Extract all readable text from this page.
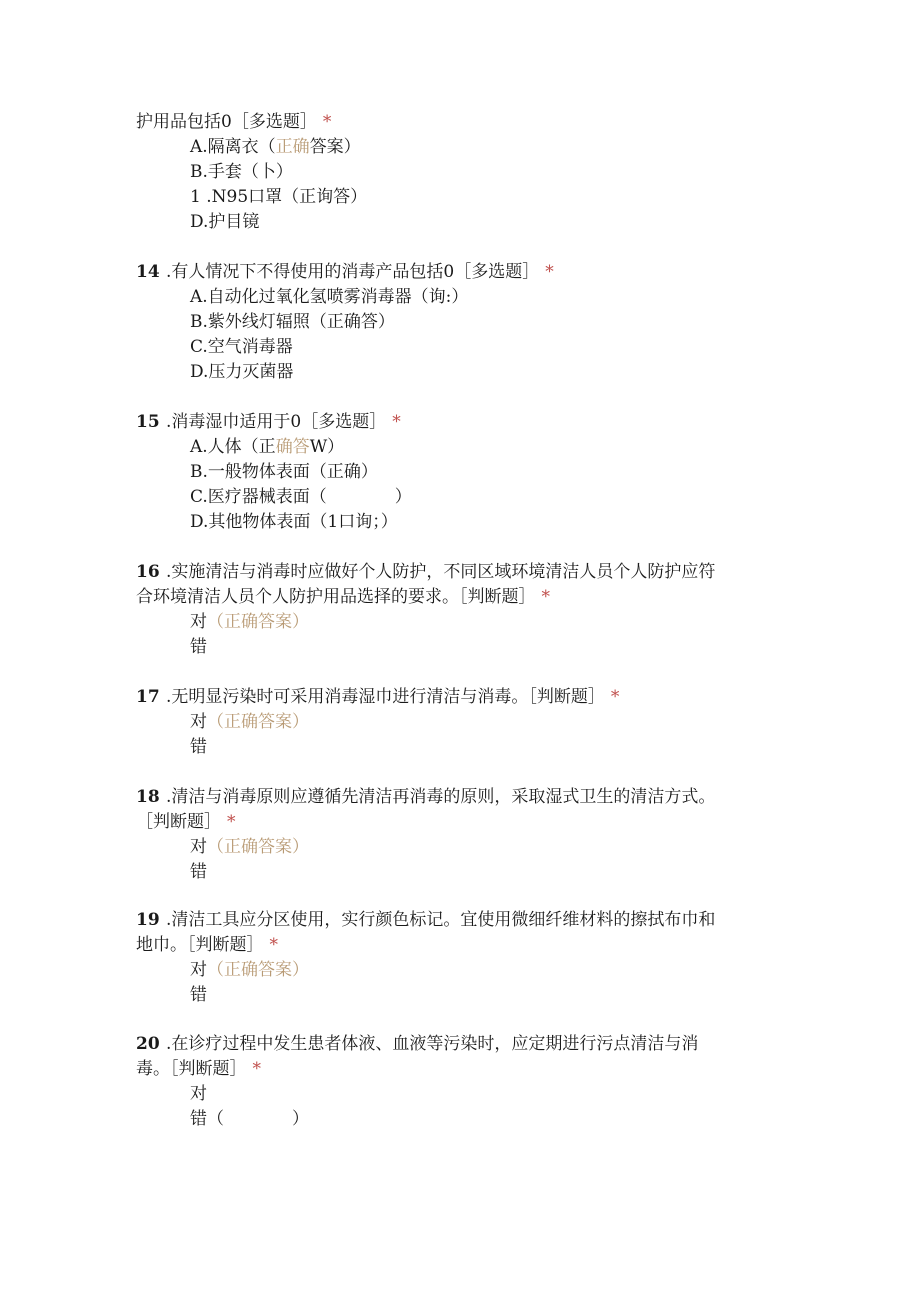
护用品包括0［多选题］ *
A.隔离衣（正确答案）
B.手套（卜）
1 .N95口罩（正询答）
D.护目镜
14 .有人情况下不得使用的消毒产品包括0［多选题］ *
A.自动化过氧化氢喷雾消毒器（询:）
B.紫外线灯辐照（正确答）
C.空气消毒器
D.压力灭菌器
15 .消毒湿巾适用于0［多选题］ *
A.人体（正确答W）
B.一般物体表面（正确）
C.医疗器械表面（　　　　）
D.其他物体表面（1口询；）
16 .实施清洁与消毒时应做好个人防护，不同区域环境清洁人员个人防护应符
合环境清洁人员个人防护用品选择的要求。［判断题］ *
对（正确答案）
错
17 .无明显污染时可采用消毒湿巾进行清洁与消毒。［判断题］ *
对（正确答案）
错
18 .清洁与消毒原则应遵循先清洁再消毒的原则，采取湿式卫生的清洁方式。
［判断题］ *
对（正确答案）
错
19 .清洁工具应分区使用，实行颜色标记。宜使用微细纤维材料的擦拭布巾和
地巾。［判断题］ *
对（正确答案）
错
20 .在诊疗过程中发生患者体液、血液等污染时，应定期进行污点清洁与消
毒。［判断题］ *
对
错（　　　　）
